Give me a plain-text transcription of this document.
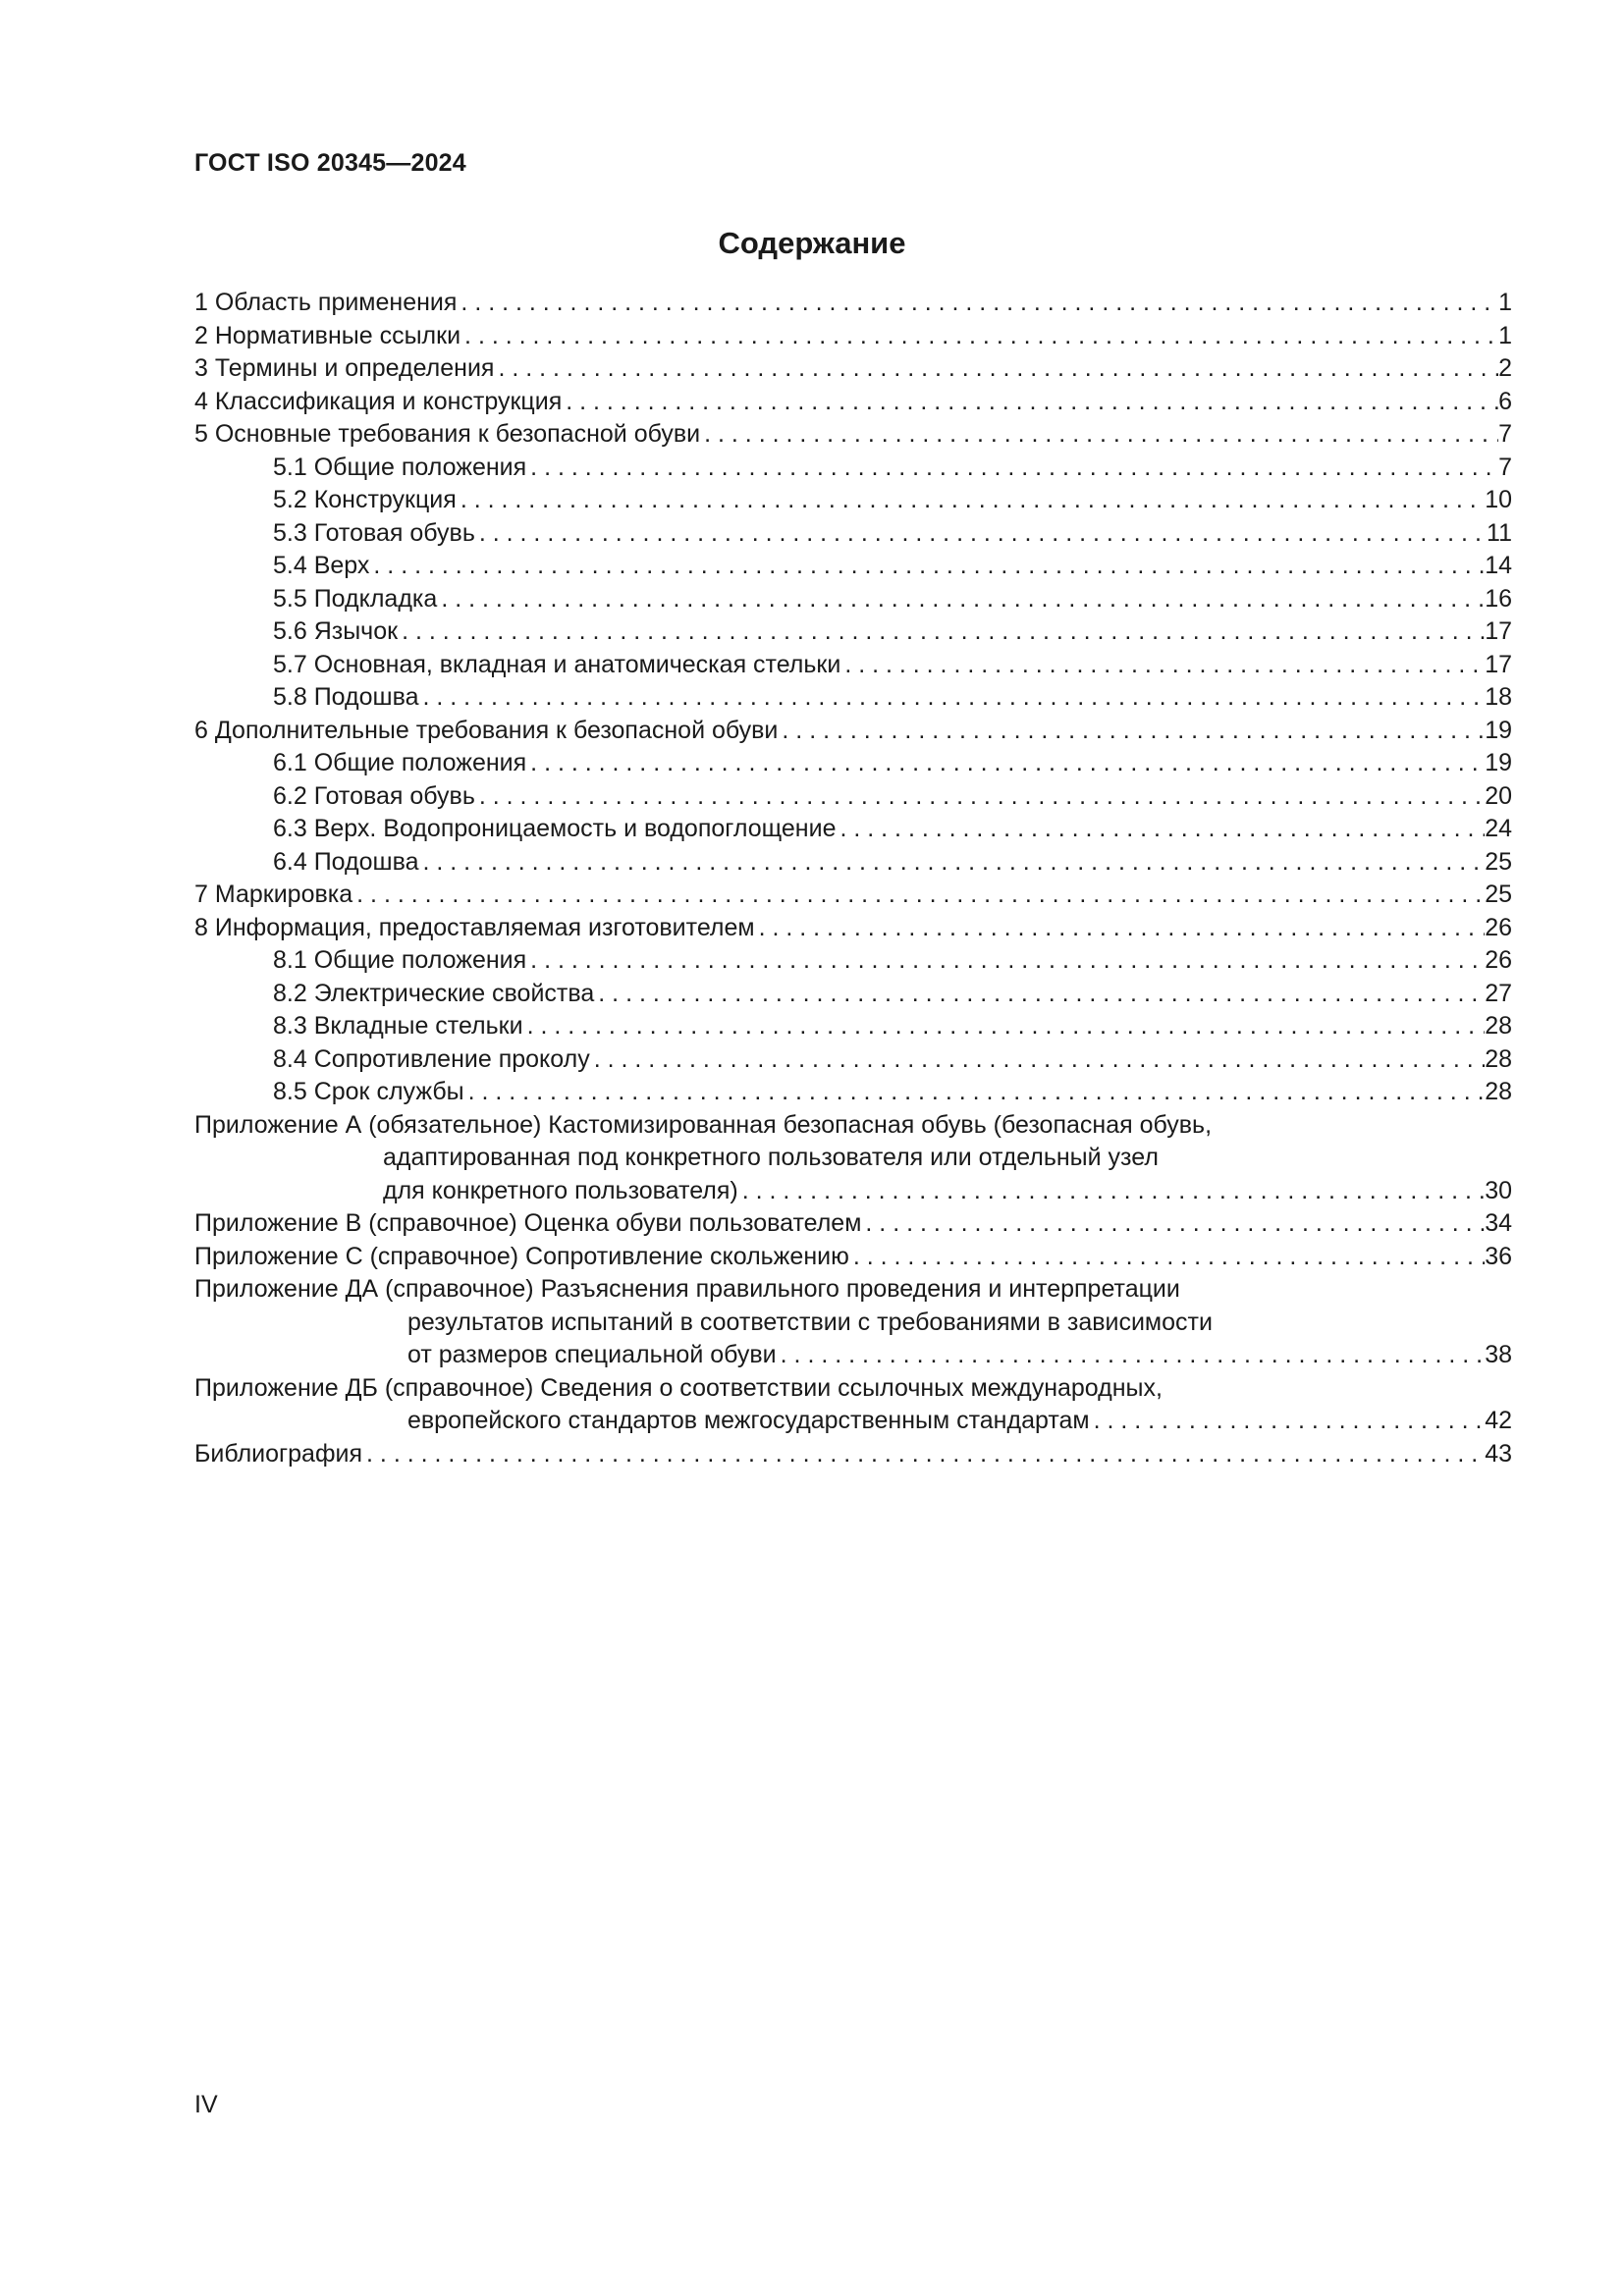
ГОСТ ISO 20345—2024
Содержание
1 Область применения . . .	1
2 Нормативные ссылки . . .	1
3 Термины и определения . . .	2
4 Классификация и конструкция . . .	6
5 Основные требования к безопасной обуви . . .	7
5.1 Общие положения . . .	7
5.2 Конструкция . . .	10
5.3 Готовая обувь . . .	11
5.4 Верх . . .	14
5.5 Подкладка . . .	16
5.6 Язычок . . .	17
5.7 Основная, вкладная и анатомическая стельки . . .	17
5.8 Подошва . . .	18
6 Дополнительные требования к безопасной обуви . . .	19
6.1 Общие положения . . .	19
6.2 Готовая обувь . . .	20
6.3 Верх. Водопроницаемость и водопоглощение . . .	24
6.4 Подошва . . .	25
7 Маркировка . . .	25
8 Информация, предоставляемая изготовителем . . .	26
8.1 Общие положения . . .	26
8.2 Электрические свойства . . .	27
8.3 Вкладные стельки . . .	28
8.4 Сопротивление проколу . . .	28
8.5 Срок службы . . .	28
Приложение А (обязательное) Кастомизированная безопасная обувь (безопасная обувь,
адаптированная под конкретного пользователя или отдельный узел
для конкретного пользователя) . . .	30
Приложение В (справочное) Оценка обуви пользователем . . .	34
Приложение С (справочное) Сопротивление скольжению . . .	36
Приложение ДА (справочное) Разъяснения правильного проведения и интерпретации
результатов испытаний в соответствии с требованиями в зависимости
от размеров специальной обуви . . .	38
Приложение ДБ (справочное) Сведения о соответствии ссылочных международных,
европейского стандартов межгосударственным стандартам . . .	42
Библиография . . .	43
IV
